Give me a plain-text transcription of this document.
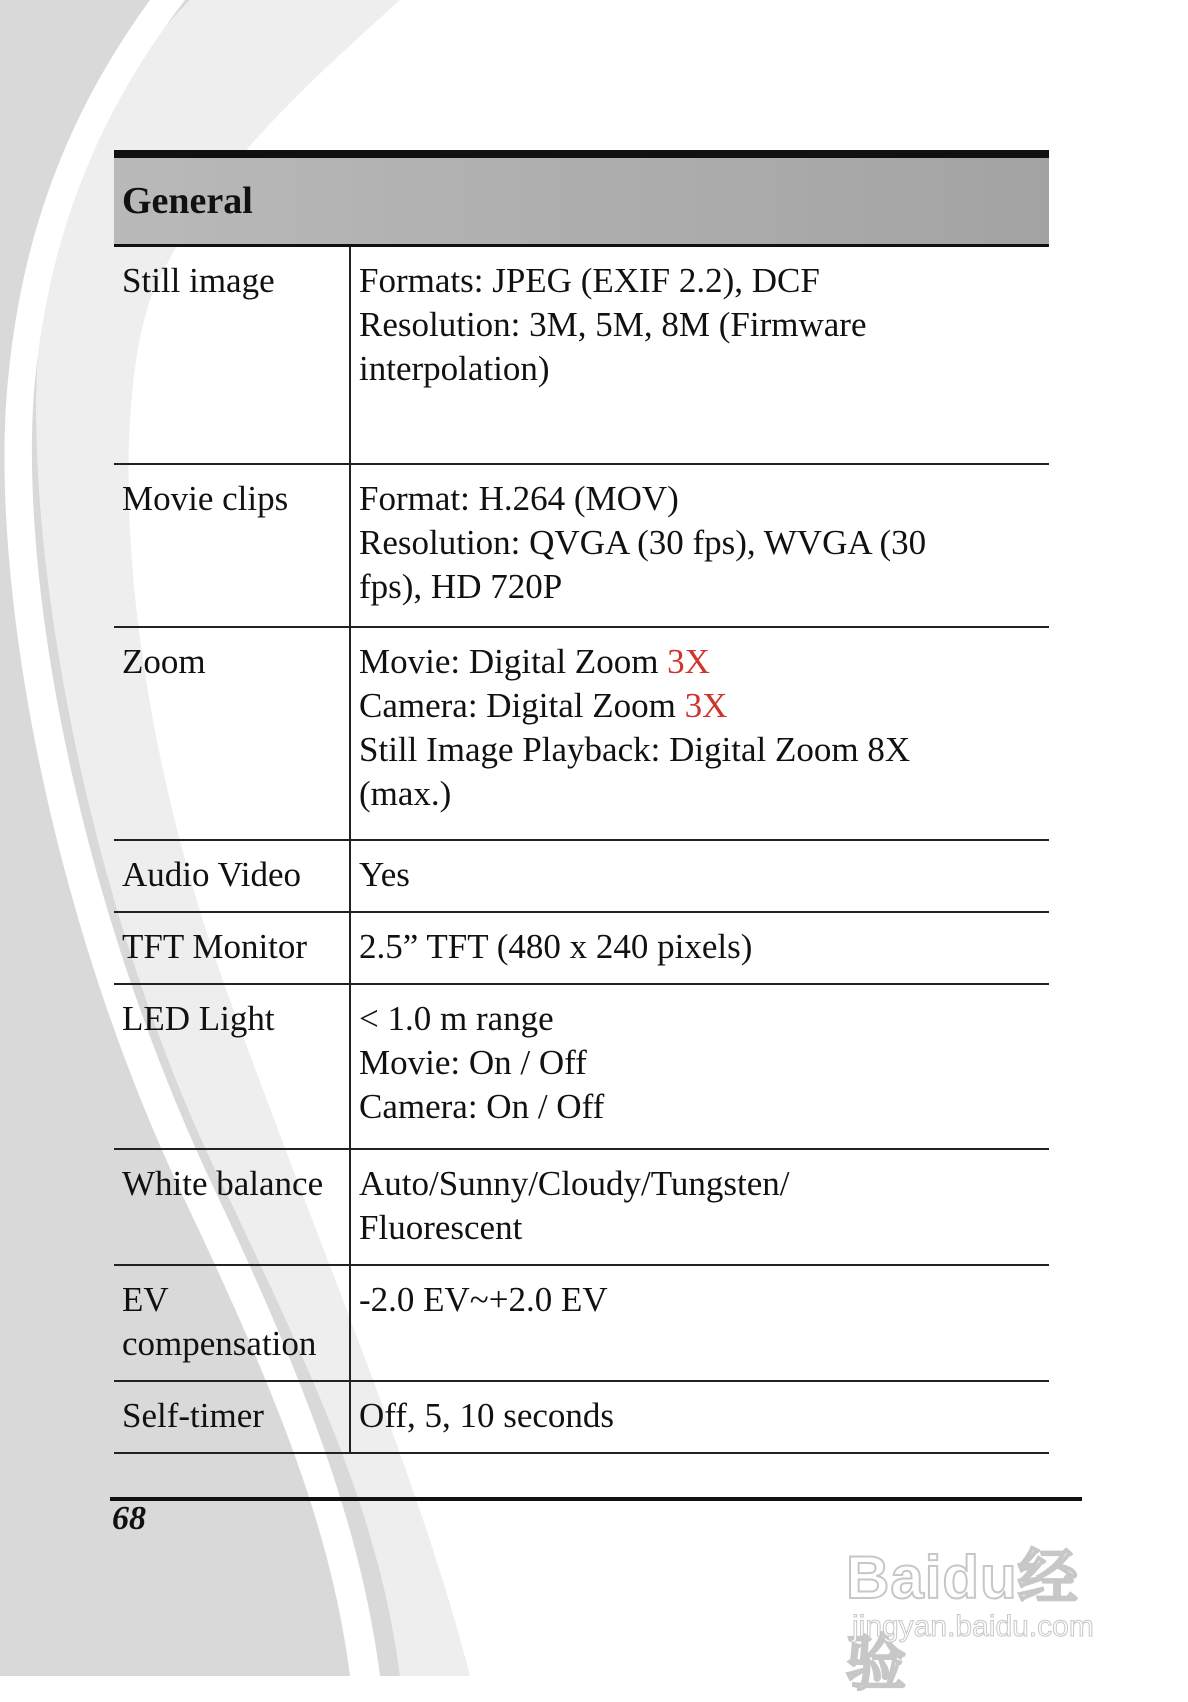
General	
Still image	Formats: JPEG (EXIF 2.2), DCF
Resolution: 3M, 5M, 8M (Firmware
interpolation)

Movie clips	Format: H.264 (MOV)
Resolution: QVGA (30 fps), WVGA (30
fps), HD 720P

Zoom	Movie: Digital Zoom 3X
Camera: Digital Zoom 3X
Still Image Playback: Digital Zoom 8X
(max.)

Audio Video	Yes

TFT Monitor	2.5” TFT (480 x 240 pixels)

LED Light	< 1.0 m range
Movie: On / Off
Camera: On / Off

White balance	Auto/Sunny/Cloudy/Tungsten/
Fluorescent

EV compensation	-2.0 EV~+2.0 EV

Self-timer	Off, 5, 10 seconds
68
Baidu经验
jingyan.baidu.com
